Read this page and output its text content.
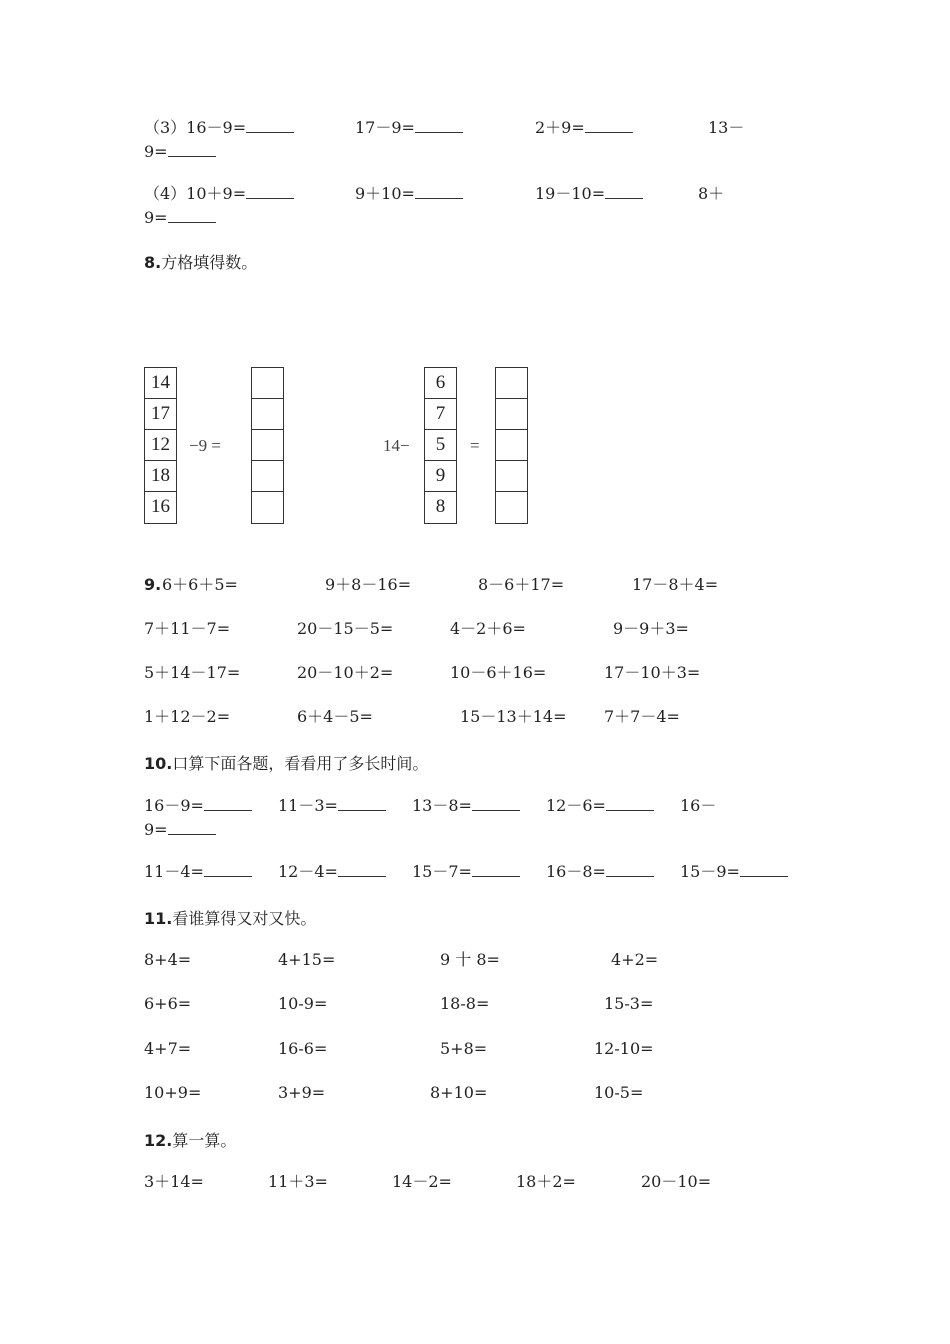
（3）16－9=	17－9=	2＋9=	13－
9=
（4）10＋9=	9＋10=	19－10=	8＋
9=
8.方格填得数。
14
17
12
18
16
−9 =	14−
6
7
5
9
8
=
9. 6＋6＋5=	9＋8－16=	8－6＋17=	17－8＋4=
7＋11－7=	20－15－5=	4－2＋6=	9－9＋3=
5＋14－17=	20－10＋2=	10－6＋16=	17－10＋3=
1＋12－2=	6＋4－5=	15－13＋14= 7＋7－4=
10.口算下面各题，看看用了多长时间。
16－9=	11－3=	13－8=	12－6=	16－
9=
11－4=	12－4=	15－7=	16－8=	15－9=
11.看谁算得又对又快。
8+4=	4+15=	9 十 8=	4+2=
6+6=	10-9=	18-8=	15-3=
4+7=	16-6=	5+8=	12-10=
10+9=	3+9=	8+10=	10-5=
12.算一算。
3＋14=	11＋3=	14－2=	18＋2=	20－10=
